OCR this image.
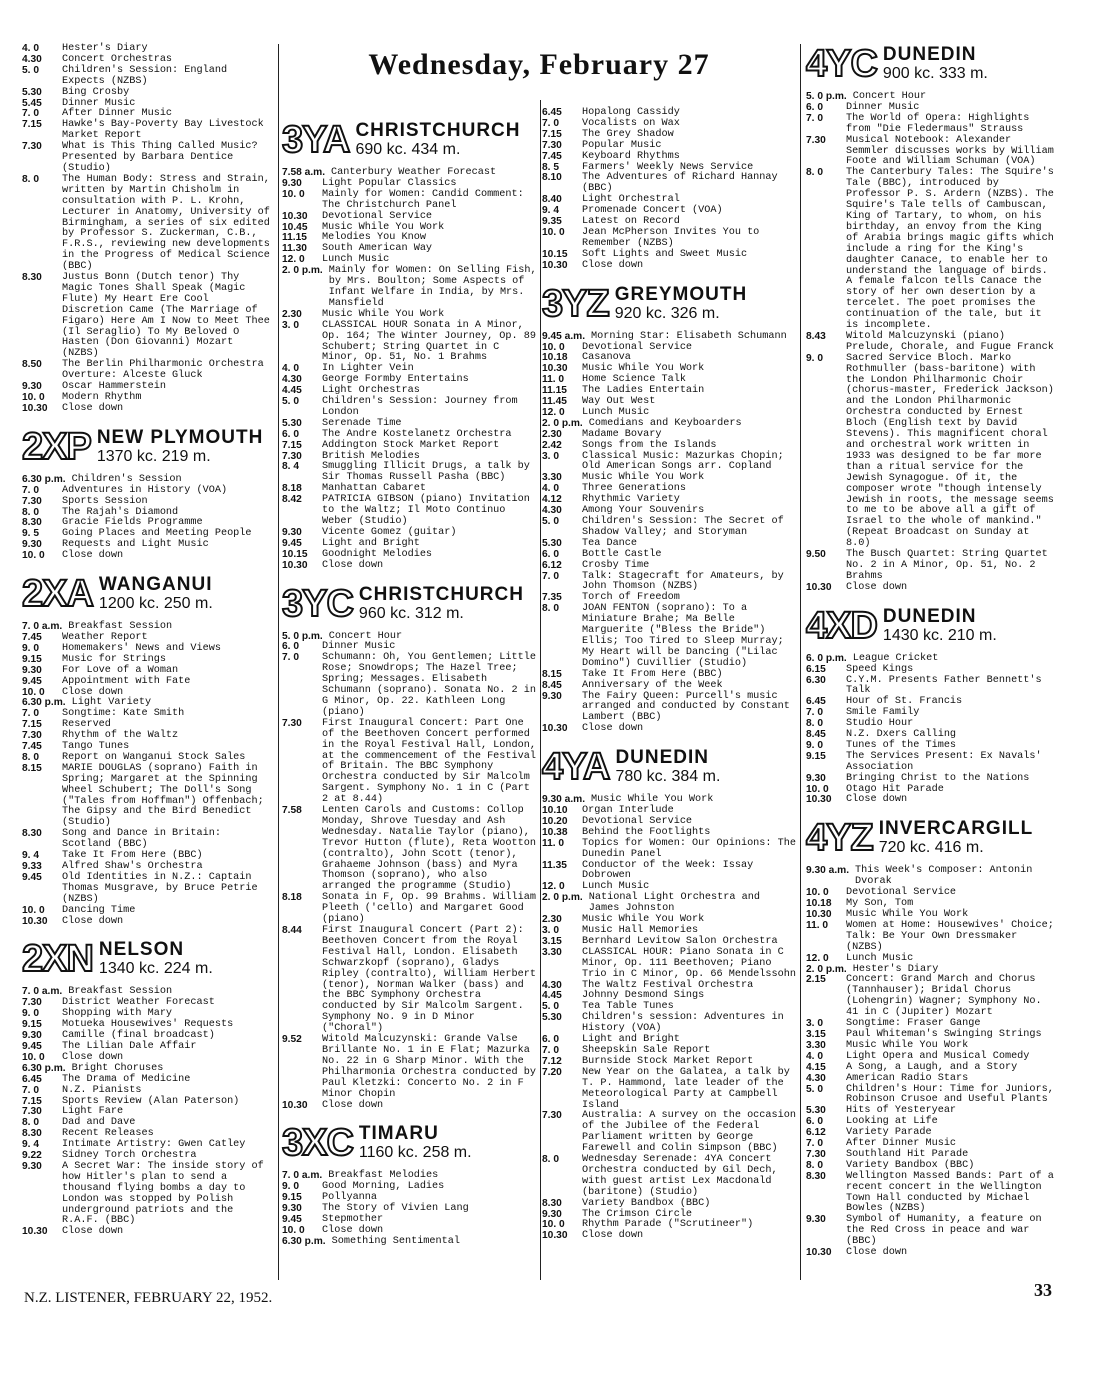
Wednesday, February 27
4. 0	Hester's Diary
4.30	Concert Orchestras
5. 0	Children's Session: England Expects (NZBS)
5.30	Bing Crosby
5.45	Dinner Music
7. 0	After Dinner Music
7.15	Hawke's Bay-Poverty Bay Livestock Market Report
7.30	What is This Thing Called Music? Presented by Barbara Dentice (Studio)
8. 0	The Human Body: Stress and Strain, written by Martin Chisholm in consultation with P. L. Krohn, Lecturer in Anatomy, University of Birmingham, a series of six edited by Professor S. Zuckerman, C.B., F.R.S., reviewing new developments in the Progress of Medical Science (BBC)
8.30	Justus Bonn (Dutch tenor) Thy Magic Tones Shall Speak (Magic Flute) My Heart Ere Cool Discretion Came (The Marriage of Figaro) Here Am I Now to Meet Thee (Il Seraglio) To My Beloved O Hasten (Don Giovanni) Mozart (NZBS)
8.50	The Berlin Philharmonic Orchestra Overture: Alceste Gluck
9.30	Oscar Hammerstein
10. 0	Modern Rhythm
10.30	Close down
2XP NEW PLYMOUTH
1370 kc. 219 m.
6.30 p.m. Children's Session
7. 0	Adventures in History (VOA)
7.30	Sports Session
8. 0	The Rajah's Diamond
8.30	Gracie Fields Programme
9. 5	Going Places and Meeting People
9.30	Requests and Light Music
10. 0	Close down
2XA WANGANUI
1200 kc. 250 m.
7. 0 a.m. Breakfast Session
7.45	Weather Report
9. 0	Homemakers' News and Views
9.15	Music for Strings
9.30	For Love of a Woman
9.45	Appointment with Fate
10. 0	Close down
6.30 p.m. Light Variety
7. 0	Songtime: Kate Smith
7.15	Reserved
7.30	Rhythm of the Waltz
7.45	Tango Tunes
8. 0	Report on Wanganui Stock Sales
8.15	MARIE DOUGLAS (soprano) Faith in Spring; Margaret at the Spinning Wheel Schubert; The Doll's Song ("Tales from Hoffman") Offenbach; The Gipsy and the Bird Benedict (Studio)
8.30	Song and Dance in Britain: Scotland (BBC)
9. 4	Take It From Here (BBC)
9.33	Alfred Shaw's Orchestra
9.45	Old Identities in N.Z.: Captain Thomas Musgrave, by Bruce Petrie (NZBS)
10. 0	Dancing Time
10.30	Close down
2XN NELSON
1340 kc. 224 m.
7. 0 a.m. Breakfast Session
7.30	District Weather Forecast
9. 0	Shopping with Mary
9.15	Motueka Housewives' Requests
9.30	Camille (final broadcast)
9.45	The Lilian Dale Affair
10. 0	Close down
6.30 p.m. Bright Choruses
6.45	The Drama of Medicine
7. 0	N.Z. Pianists
7.15	Sports Review (Alan Paterson)
7.30	Light Fare
8. 0	Dad and Dave
8.30	Recent Releases
9. 4	Intimate Artistry: Gwen Catley
9.22	Sidney Torch Orchestra
9.30	A Secret War: The inside story of how Hitler's plan to send a thousand flying bombs a day to London was stopped by Polish underground patriots and the R.A.F. (BBC)
10.30	Close down
3YA CHRISTCHURCH
690 kc. 434 m.
7.58 a.m. Canterbury Weather Forecast
9.30	Light Popular Classics
10. 0	Mainly for Women: Candid Comment: The Christchurch Panel
10.30	Devotional Service
10.45	Music While You Work
11.15	Melodies You Know
11.30	South American Way
12. 0	Lunch Music
2. 0 p.m. Mainly for Women: On Selling Fish, by Mrs. Boulton; Some Aspects of Infant Welfare in India, by Mrs. Mansfield
2.30	Music While You Work
3. 0	CLASSICAL HOUR Sonata in A Minor, Op. 164; The Winter Journey, Op. 89 Schubert; String Quartet in C Minor, Op. 51, No. 1 Brahms
4. 0	In Lighter Vein
4.30	George Formby Entertains
4.45	Light Orchestras
5. 0	Children's Session: Journey from London
5.30	Serenade Time
6. 0	The Andre Kostelanetz Orchestra
7.15	Addington Stock Market Report
7.30	British Melodies
8. 4	Smuggling Illicit Drugs, a talk by Sir Thomas Russell Pasha (BBC)
8.18	Manhattan Cabaret
8.42	PATRICIA GIBSON (piano) Invitation to the Waltz; Il Moto Continuo Weber (Studio)
9.30	Vicente Gomez (guitar)
9.45	Light and Bright
10.15	Goodnight Melodies
10.30	Close down
3YC CHRISTCHURCH
960 kc. 312 m.
5. 0 p.m. Concert Hour
6. 0	Dinner Music
7. 0	Schumann: Oh, You Gentlemen; Little Rose; Snowdrops; The Hazel Tree; Spring; Messages. Elisabeth Schumann (soprano). Sonata No. 2 in G Minor, Op. 22. Kathleen Long (piano)
7.30	First Inaugural Concert: Part One of the Beethoven Concert performed in the Royal Festival Hall, London, at the commencement of the Festival of Britain. The BBC Symphony Orchestra conducted by Sir Malcolm Sargent. Symphony No. 1 in C (Part 2 at 8.44)
7.58	Lenten Carols and Customs: Collop Monday, Shrove Tuesday and Ash Wednesday. Natalie Taylor (piano), Trevor Hutton (flute), Reta Wootton (contralto), John Scott (tenor), Grahaeme Johnson (bass) and Myra Thomson (soprano), who also arranged the programme (Studio)
8.18	Sonata in F, Op. 99 Brahms. William Pleeth ('cello) and Margaret Good (piano)
8.44	First Inaugural Concert (Part 2): Beethoven Concert from the Royal Festival Hall, London. Elisabeth Schwarzkopf (soprano), Gladys Ripley (contralto), William Herbert (tenor), Norman Walker (bass) and the BBC Symphony Orchestra conducted by Sir Malcolm Sargent. Symphony No. 9 in D Minor ("Choral")
9.52	Witold Malcuzynski: Grande Valse Brillante No. 1 in E Flat; Mazurka No. 22 in G Sharp Minor. With the Philharmonia Orchestra conducted by Paul Kletzki: Concerto No. 2 in F Minor Chopin
10.30	Close down
3XC TIMARU
1160 kc. 258 m.
7. 0 a.m. Breakfast Melodies
9. 0	Good Morning, Ladies
9.15	Pollyanna
9.30	The Story of Vivien Lang
9.45	Stepmother
10. 0	Close down
6.30 p.m. Something Sentimental
6.45	Hopalong Cassidy
7. 0	Vocalists on Wax
7.15	The Grey Shadow
7.30	Popular Music
7.45	Keyboard Rhythms
8. 5	Farmers' Weekly News Service
8.10	The Adventures of Richard Hannay (BBC)
8.40	Light Orchestral
9. 4	Promenade Concert (VOA)
9.35	Latest on Record
10. 0	Jean McPherson Invites You to Remember (NZBS)
10.15	Soft Lights and Sweet Music
10.30	Close down
3YZ GREYMOUTH
920 kc. 326 m.
9.45 a.m. Morning Star: Elisabeth Schumann
10. 0	Devotional Service
10.18	Casanova
10.30	Music While You Work
11. 0	Home Science Talk
11.15	The Ladies Entertain
11.45	Way Out West
12. 0	Lunch Music
2. 0 p.m. Comedians and Keyboarders
2.30	Madame Bovary
2.42	Songs from the Islands
3. 0	Classical Music: Mazurkas Chopin; Old American Songs arr. Copland
3.30	Music While You Work
4. 0	Three Generations
4.12	Rhythmic Variety
4.30	Among Your Souvenirs
5. 0	Children's Session: The Secret of Shadow Valley; and Storyman
5.30	Tea Dance
6. 0	Bottle Castle
6.12	Crosby Time
7. 0	Talk: Stagecraft for Amateurs, by John Thomson (NZBS)
7.35	Torch of Freedom
8. 0	JOAN FENTON (soprano): To a Miniature Brahe; Ma Belle Marguerite ("Bless the Bride") Ellis; Too Tired to Sleep Murray; My Heart will be Dancing ("Lilac Domino") Cuvillier (Studio)
8.15	Take It From Here (BBC)
8.45	Anniversary of the Week
9.30	The Fairy Queen: Purcell's music arranged and conducted by Constant Lambert (BBC)
10.30	Close down
4YA DUNEDIN
780 kc. 384 m.
9.30 a.m. Music While You Work
10.10	Organ Interlude
10.20	Devotional Service
10.38	Behind the Footlights
11. 0	Topics for Women: Our Opinions: The Dunedin Panel
11.35	Conductor of the Week: Issay Dobrowen
12. 0	Lunch Music
2. 0 p.m. National Light Orchestra and James Johnston
2.30	Music While You Work
3. 0	Music Hall Memories
3.15	Bernhard Levitow Salon Orchestra
3.30	CLASSICAL HOUR: Piano Sonata in C Minor, Op. 111 Beethoven; Piano Trio in C Minor, Op. 66 Mendelssohn
4.30	The Waltz Festival Orchestra
4.45	Johnny Desmond Sings
5. 0	Tea Table Tunes
5.30	Children's session: Adventures in History (VOA)
6. 0	Light and Bright
7. 0	Sheepskin Sale Report
7.12	Burnside Stock Market Report
7.20	New Year on the Galatea, a talk by T. P. Hammond, late leader of the Meteorological Party at Campbell Island
7.30	Australia: A survey on the occasion of the Jubilee of the Federal Parliament written by George Farewell and Colin Simpson (BBC)
8. 0	Wednesday Serenade: 4YA Concert Orchestra conducted by Gil Dech, with guest artist Lex Macdonald (baritone) (Studio)
8.30	Variety Bandbox (BBC)
9.30	The Crimson Circle
10. 0	Rhythm Parade ("Scrutineer")
10.30	Close down
4YC DUNEDIN
900 kc. 333 m.
5. 0 p.m. Concert Hour
6. 0	Dinner Music
7. 0	The World of Opera: Highlights from "Die Fledermaus" Strauss
7.30	Musical Notebook: Alexander Semmler discusses works by William Foote and William Schuman (VOA)
8. 0	The Canterbury Tales: The Squire's Tale (BBC), introduced by Professor P. S. Ardern (NZBS). The Squire's Tale tells of Cambuscan, King of Tartary, to whom, on his birthday, an envoy from the King of Arabia brings magic gifts which include a ring for the King's daughter Canace, to enable her to understand the language of birds. A female falcon tells Canace the story of her own desertion by a tercelet. The poet promises the continuation of the tale, but it is incomplete.
8.43	Witold Malcuzynski (piano) Prelude, Chorale, and Fugue Franck
9. 0	Sacred Service Bloch. Marko Rothmuller (bass-baritone) with the London Philharmonic Choir (chorus-master, Frederick Jackson) and the London Philharmonic Orchestra conducted by Ernest Bloch (English text by David Stevens). This magnificent choral and orchestral work written in 1933 was designed to be far more than a ritual service for the Jewish Synagogue. Of it, the composer wrote "though intensely Jewish in roots, the message seems to me to be above all a gift of Israel to the whole of mankind." (Repeat Broadcast on Sunday at 8.0)
9.50	The Busch Quartet: String Quartet No. 2 in A Minor, Op. 51, No. 2 Brahms
10.30	Close down
4XD DUNEDIN
1430 kc. 210 m.
6. 0 p.m. League Cricket
6.15	Speed Kings
6.30	C.Y.M. Presents Father Bennett's Talk
6.45	Hour of St. Francis
7. 0	Smile Family
8. 0	Studio Hour
8.45	N.Z. Dxers Calling
9. 0	Tunes of the Times
9.15	The Services Present: Ex Navals' Association
9.30	Bringing Christ to the Nations
10. 0	Otago Hit Parade
10.30	Close down
4YZ INVERCARGILL
720 kc. 416 m.
9.30 a.m. This Week's Composer: Antonin Dvorak
10. 0	Devotional Service
10.18	My Son, Tom
10.30	Music While You Work
11. 0	Women at Home: Housewives' Choice; Talk: Be Your Own Dressmaker (NZBS)
12. 0	Lunch Music
2. 0 p.m. Hester's Diary
2.15	Concert: Grand March and Chorus (Tannhauser); Bridal Chorus (Lohengrin) Wagner; Symphony No. 41 in C (Jupiter) Mozart
3. 0	Songtime: Fraser Gange
3.15	Paul Whiteman's Swinging Strings
3.30	Music While You Work
4. 0	Light Opera and Musical Comedy
4.15	A Song, a Laugh, and a Story
4.30	American Radio Stars
5. 0	Children's Hour: Time for Juniors, Robinson Crusoe and Useful Plants
5.30	Hits of Yesteryear
6. 0	Looking at Life
6.12	Variety Parade
7. 0	After Dinner Music
7.30	Southland Hit Parade
8. 0	Variety Bandbox (BBC)
8.30	Wellington Massed Bands: Part of a recent concert in the Wellington Town Hall conducted by Michael Bowles (NZBS)
9.30	Symbol of Humanity, a feature on the Red Cross in peace and war (BBC)
10.30	Close down
N.Z. LISTENER, FEBRUARY 22, 1952.	33
